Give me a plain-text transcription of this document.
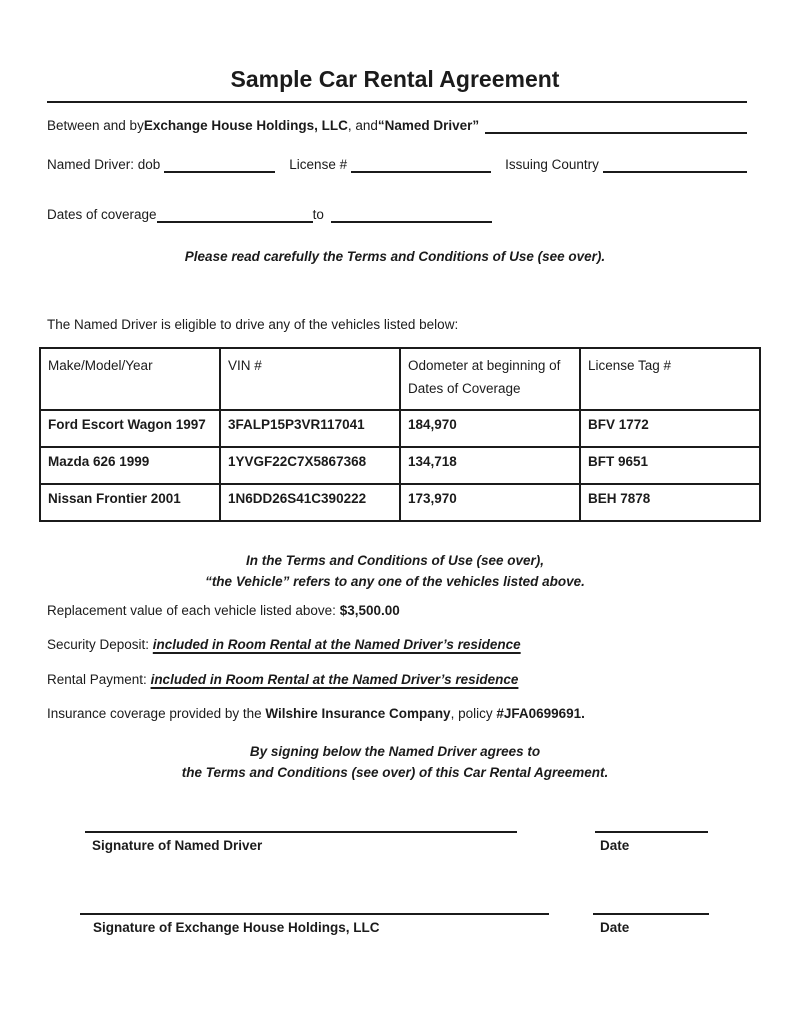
Sample Car Rental Agreement
Between and by Exchange House Holdings, LLC , and “Named Driver”
Named Driver: dob	License #	Issuing Country
Dates of coverage	to
Please read carefully the Terms and Conditions of Use (see over).
The Named Driver is eligible to drive any of the vehicles listed below:
Make/Model/Year	VIN #	Odometer at beginning of Dates of Coverage	License Tag #
Ford Escort Wagon 1997	3FALP15P3VR117041	184,970	BFV 1772
Mazda 626 1999	1YVGF22C7X5867368	134,718	BFT 9651
Nissan Frontier 2001	1N6DD26S41C390222	173,970	BEH 7878
In the Terms and Conditions of Use (see over),
“the Vehicle” refers to any one of the vehicles listed above.
Replacement value of each vehicle listed above: $3,500.00
Security Deposit: included in Room Rental at the Named Driver’s residence
Rental Payment: included in Room Rental at the Named Driver’s residence
Insurance coverage provided by the Wilshire Insurance Company, policy #JFA0699691.
By signing below the Named Driver agrees to
the Terms and Conditions (see over) of this Car Rental Agreement.
Signature of Named Driver	Date
Signature of Exchange House Holdings, LLC	Date
